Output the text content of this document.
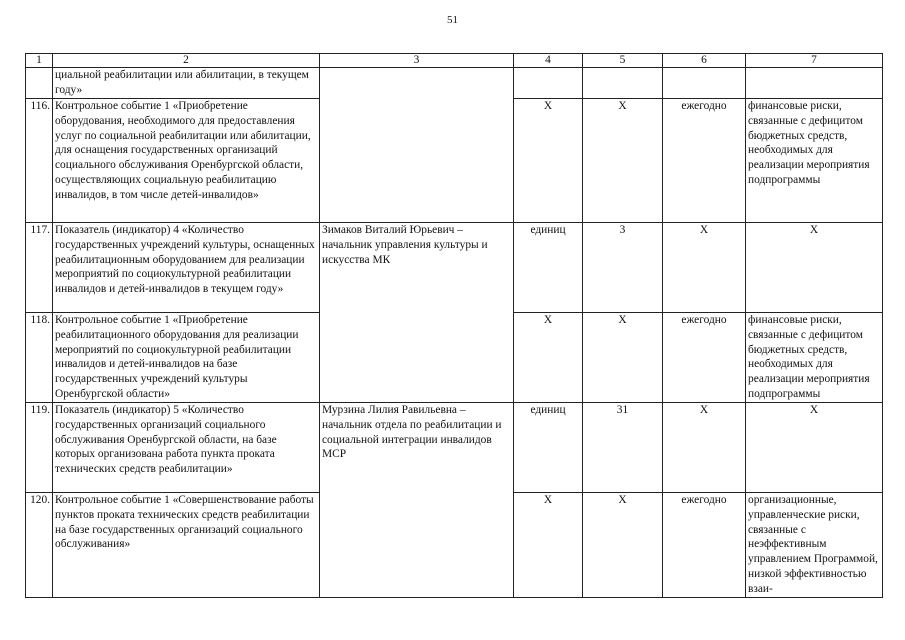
51
1	2	3	4	5	6	7
	циальной реабилитации или абилитации, в текущем году»					
116.	Контрольное событие 1 «Приобретение оборудования, необходимого для предоставления услуг по социальной реабилитации или абилитации, для оснащения государственных организаций социального обслуживания Оренбургской области, осуществляющих социальную реабилитацию инвалидов, в том числе детей-инвалидов»		X	X	ежегодно	финансовые риски, связанные с дефицитом бюджетных средств, необходимых для реализации мероприятия подпрограммы
117.	Показатель (индикатор) 4 «Количество государственных учреждений культуры, оснащенных реабилитационным оборудованием для реализации мероприятий по социокультурной реабилитации инвалидов и детей-инвалидов в текущем году»	Зимаков Виталий Юрьевич – начальник управления культуры и искусства МК	единиц	3	X	X
118.	Контрольное событие 1 «Приобретение реабилитационного оборудования для реализации мероприятий по социокультурной реабилитации инвалидов и детей-инвалидов на базе государственных учреждений культуры Оренбургской области»		X	X	ежегодно	финансовые риски, связанные с дефицитом бюджетных средств, необходимых для реализации мероприятия подпрограммы
119.	Показатель (индикатор) 5 «Количество государственных организаций социального обслуживания Оренбургской области, на базе которых организована работа пункта проката технических средств реабилитации»	Мурзина Лилия Равильевна – начальник отдела по реабилитации и социальной интеграции инвалидов МСР	единиц	31	X	X
120.	Контрольное событие 1 «Совершенствование работы пунктов проката технических средств реабилитации на базе государственных организаций социального обслуживания»		X	X	ежегодно	организационные, управленческие риски, связанные с неэффективным управлением Программой, низкой эффективностью взаи-
